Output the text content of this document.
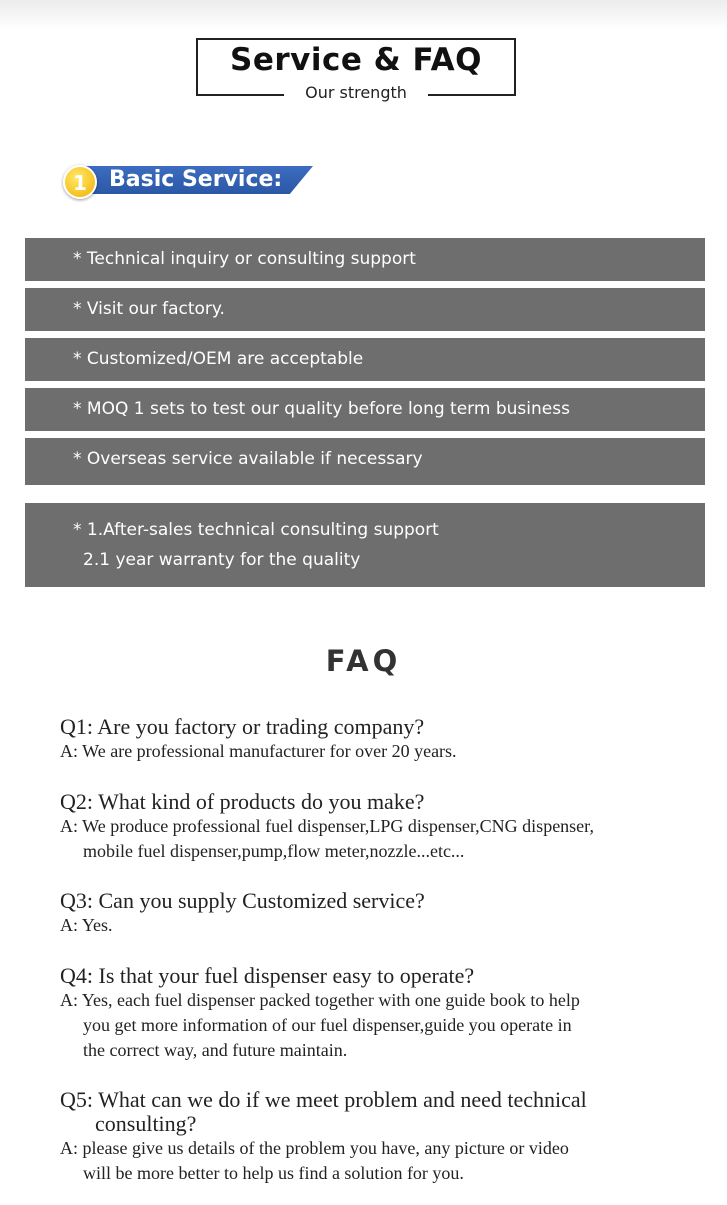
Service & FAQ
Our strength
Basic Service:
1
* Technical inquiry or consulting support
* Visit our factory.
* Customized/OEM are acceptable
* MOQ 1 sets to test our quality before long term business
* Overseas service available if necessary
* 1.After-sales technical consulting support
2.1 year warranty for the quality
FAQ
Q1: Are you factory or trading company?
A: We are professional manufacturer for over 20 years.
Q2: What kind of products do you make?
A: We produce professional fuel dispenser,LPG dispenser,CNG dispenser,
mobile fuel dispenser,pump,flow meter,nozzle...etc...
Q3: Can you supply Customized service?
A: Yes.
Q4: Is that your fuel dispenser easy to operate?
A: Yes, each fuel dispenser packed together with one guide book to help
you get more information of our fuel dispenser,guide you operate in
the correct way, and future maintain.
Q5: What can we do if we meet problem and need technical
consulting?
A: please give us details of the problem you have, any picture or video
will be more better to help us find a solution for you.
